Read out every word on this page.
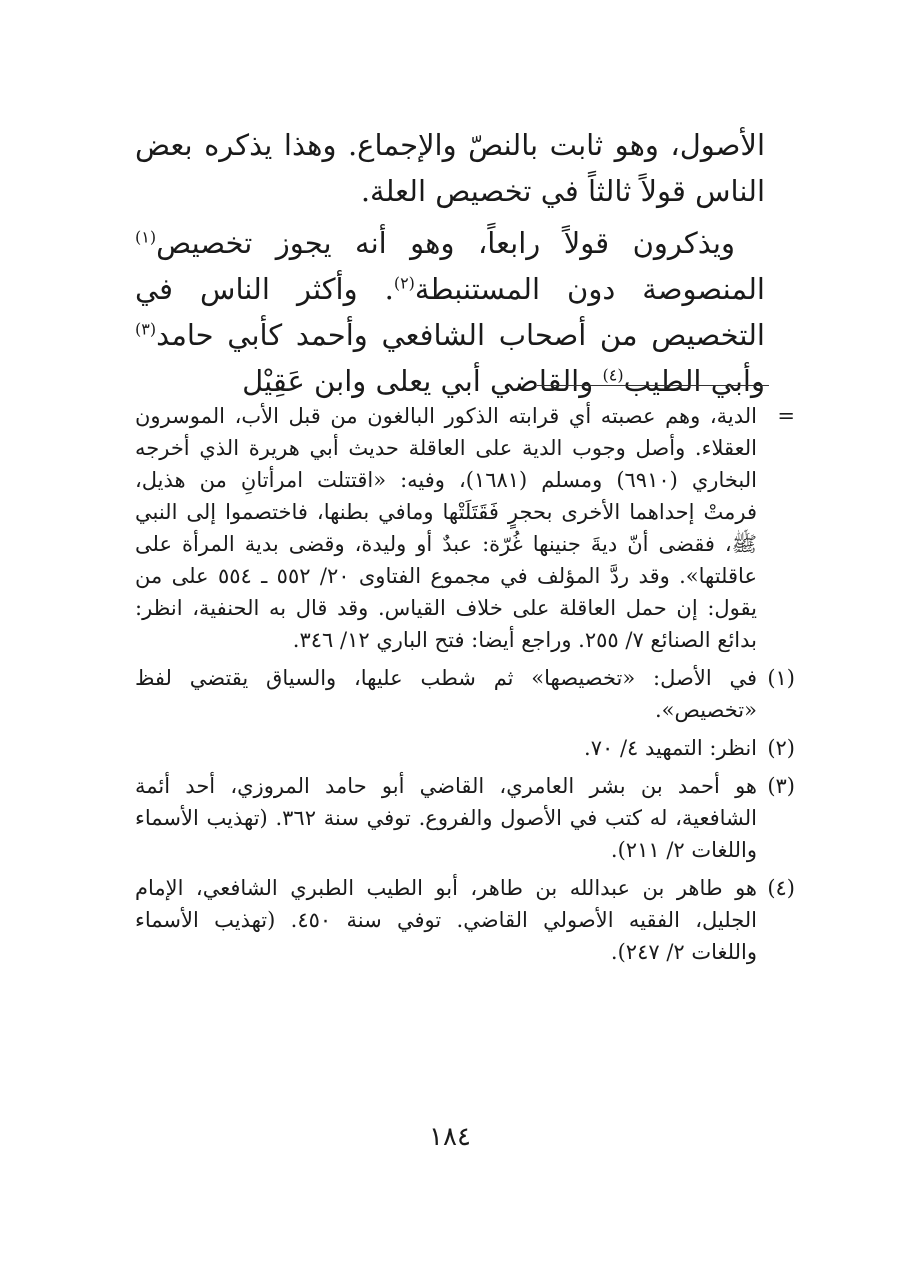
الأصول، وهو ثابت بالنصّ والإجماع. وهذا يذكره بعض الناس قولاً ثالثاً في تخصيص العلة.

ويذكرون قولاً رابعاً، وهو أنه يجوز تخصيص$^{(١)}$ المنصوصة دون المستنبطة$^{(٢)}$. وأكثر الناس في التخصيص من أصحاب الشافعي وأحمد كأبي حامد$^{(٣)}$ وأبي الطيب$^{(٤)}$ والقاضي أبي يعلى وابن عَقِيْل

=
الدية، وهم عصبته أي قرابته الذكور البالغون من قبل الأب، الموسرون العقلاء. وأصل وجوب الدية على العاقلة حديث أبي هريرة الذي أخرجه البخاري (٦٩١٠) ومسلم (١٦٨١)، وفيه: «اقتتلت امرأتانِ من هذيل، فرمتْ إحداهما الأخرى بحجرٍ فَقَتَلَتْها ومافي بطنها، فاختصموا إلى النبي ﷺ، فقضى أنّ ديةَ جنينها غُرّة: عبدٌ أو وليدة، وقضى بدية المرأة على عاقلتها». وقد ردَّ المؤلف في مجموع الفتاوى ٢٠/ ٥٥٢ ـ ٥٥٤ على من يقول: إن حمل العاقلة على خلاف القياس. وقد قال به الحنفية، انظر: بدائع الصنائع ٧/ ٢٥٥. وراجع أيضا: فتح الباري ١٢/ ٣٤٦.
(١)
في الأصل: «تخصيصها» ثم شطب عليها، والسياق يقتضي لفظ «تخصيص».
(٢)
انظر: التمهيد ٤/ ٧٠.
(٣)
هو أحمد بن بشر العامري، القاضي أبو حامد المروزي، أحد أئمة الشافعية، له كتب في الأصول والفروع. توفي سنة ٣٦٢. (تهذيب الأسماء واللغات ٢/ ٢١١).
(٤)
هو طاهر بن عبدالله بن طاهر، أبو الطيب الطبري الشافعي، الإمام الجليل، الفقيه الأصولي القاضي. توفي سنة ٤٥٠. (تهذيب الأسماء واللغات ٢/ ٢٤٧).
١٨٤
